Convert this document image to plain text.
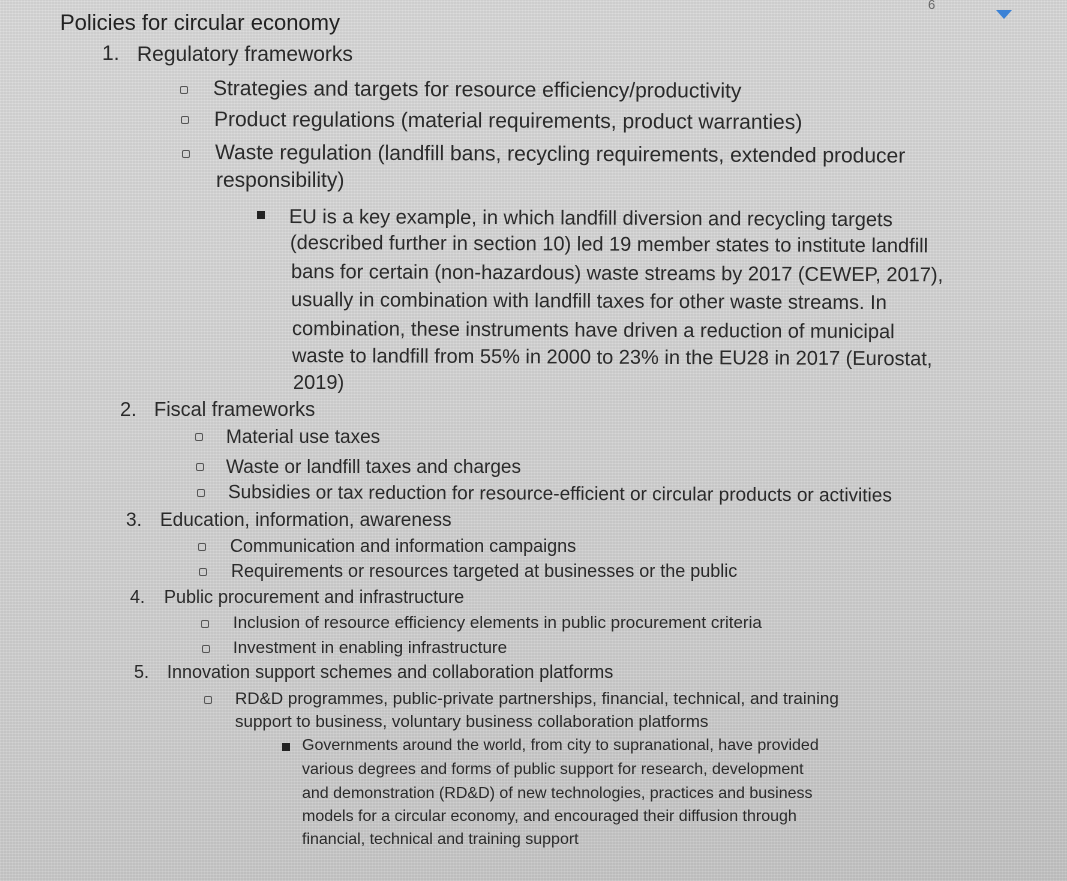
6
Policies for circular economy
1. Regulatory frameworks
Strategies and targets for resource efficiency/productivity
Product regulations (material requirements, product warranties)
Waste regulation (landfill bans, recycling requirements, extended producer
responsibility)
EU is a key example, in which landfill diversion and recycling targets
(described further in section 10) led 19 member states to institute landfill
bans for certain (non-hazardous) waste streams by 2017 (CEWEP, 2017),
usually in combination with landfill taxes for other waste streams. In
combination, these instruments have driven a reduction of municipal
waste to landfill from 55% in 2000 to 23% in the EU28 in 2017 (Eurostat,
2019)
2. Fiscal frameworks
Material use taxes
Waste or landfill taxes and charges
Subsidies or tax reduction for resource-efficient or circular products or activities
3. Education, information, awareness
Communication and information campaigns
Requirements or resources targeted at businesses or the public
4. Public procurement and infrastructure
Inclusion of resource efficiency elements in public procurement criteria
Investment in enabling infrastructure
5. Innovation support schemes and collaboration platforms
RD&D programmes, public-private partnerships, financial, technical, and training
support to business, voluntary business collaboration platforms
Governments around the world, from city to supranational, have provided
various degrees and forms of public support for research, development
and demonstration (RD&D) of new technologies, practices and business
models for a circular economy, and encouraged their diffusion through
financial, technical and training support
